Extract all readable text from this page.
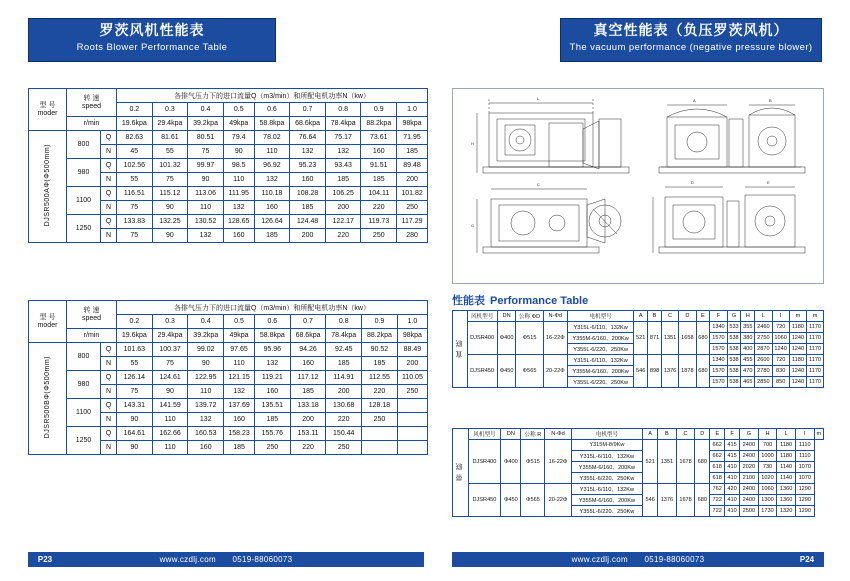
罗茨风机性能表
Roots Blower Performance Table
真空性能表（负压罗茨风机）
The vacuum performance (negative pressure blower)
型 号
moder	转 速
speed		各排气压力下的进口流量Q（m3/min）和所配电机功率N（kw）								
			0.2	0.3	0.4	0.5	0.6	0.7	0.8	0.9	1.0
	r/min		19.6kpa	29.4kpa	39.2kpa	49kpa	58.8kpa	68.6kpa	78.4kpa	88.2kpa	98kpa
DJSR500AΦ(Φ500mm)	800	Q	82.63	81.61	80.51	79.4	78.02	76.64	75.17	73.61	71.95
		N	45	55	75	90	110	132	132	160	185
	980	Q	102.56	101.32	99.97	98.5	96.92	95.23	93.43	91.51	89.48
		N	55	75	90	110	132	160	185	185	200
	1100	Q	116.51	115.12	113.06	111.95	110.18	108.28	106.25	104.11	101.82
		N	75	90	110	132	160	185	200	220	250
	1250	Q	133.83	132.25	130.52	128.65	126.64	124.48	122.17	119.73	117.29
		N	75	90	132	160	185	200	220	250	280
型 号
moder	转 速
speed		各排气压力下的进口流量Q（m3/min）和所配电机功率N（kw）								
			0.2	0.3	0.4	0.5	0.6	0.7	0.8	0.9	1.0
	r/min		19.6kpa	29.4kpa	39.2kpa	49kpa	58.8kpa	68.6kpa	78.4kpa	88.2kpa	98kpa
DJSR500BΦ(Φ500mm)	800	Q	101.63	100.37	99.02	97.65	95.96	94.26	92.45	90.52	88.49
		N	55	75	90	110	132	160	185	185	200
	980	Q	126.14	124.61	122.95	121.15	119.21	117.12	114.91	112.55	110.05
		N	75	90	110	132	160	185	200	220	250
	1100	Q	143.31	141.59	139.72	137.69	135.51	133.18	130.68	128.18	
		N	90	110	132	160	185	200	220	250	
	1250	Q	164.61	162.66	160.53	158.23	155.76	153.11	150.44		
		N	90	110	160	185	250	220	250		
L
H
A	B
C
G
D	E
性能表 Performance Table
直 联	风机型号	DN	公称 ΦD	N-Φd	电机型号	A	B	C	D	E	F	G	H	L	I	m	m
	DJSR400	Φ400	Φ515	16-22Φ	Y315L-6/110、132Kw	521	871	1351	1658	680	1340	533	355	2460	720	1180	1170
					Y355M-6/160、200Kw						1570	538	380	2750	1060	1240	1170
					Y355L-6/220、250Kw						1570	538	400	2870	1240	1240	1170
	DJSR450	Φ450	Φ565	20-22Φ	Y315L-6/110、132Kw	546	898	1376	1878	680	1340	538	455	2600	720	1180	1170
					Y355M-6/160、200Kw						1570	538	470	2780	830	1240	1170
					Y355L-6/220、250Kw						1570	538	465	2850	850	1240	1170
帯 联	风机型号	DN	公称 R	N-Φd	电机型号	A	B	C	D	E	F	G	H	L	I	m
	DJSR400	Φ400	Φ515	16-22Φ	Y315M-8/9Kw	521	1351	1678	680	662	415	2400	700	1180	1110	
					Y315L-6/110、132Kw					662	415	2400	1000	1180	1110	
					Y355M-6/160、200Kw					618	410	2020	730	1140	1070	
					Y355L-6/220、250Kw					618	410	2100	1020	1140	1070	
	DJSR450	Φ450	Φ565	20-22Φ	Y315L-6/110、132Kw	546	1376	1678	680	762	420	2400	1060	1360	1290	
					Y355M-6/160、200Kw					722	410	2400	1300	1360	1290	
					Y355L-6/220、250Kw					722	410	2500	1730	1320	1290	
P23	www.czdlj.com 0519-88060073	www.czdlj.com 0519-88060073	P24
